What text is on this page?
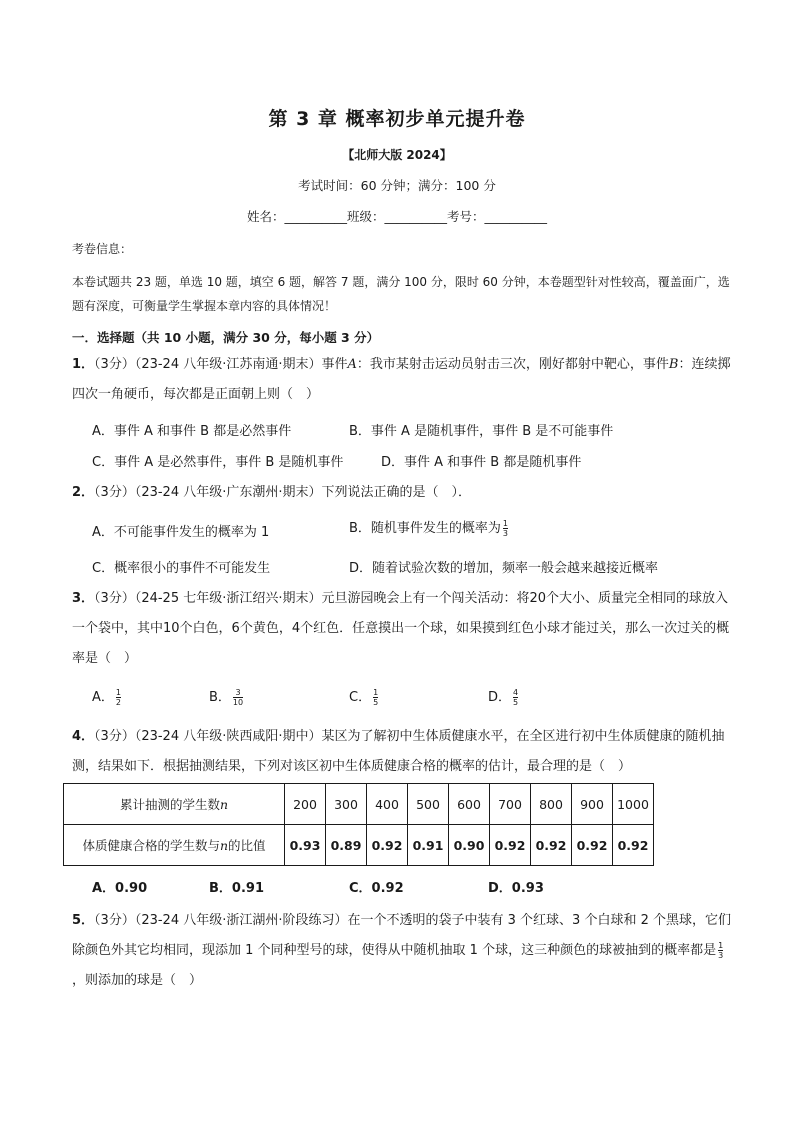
第 3 章 概率初步单元提升卷
【北师大版 2024】
考试时间：60 分钟；满分：100 分
姓名：__________班级：__________考号：__________
考卷信息：
本卷试题共 23 题，单选 10 题，填空 6 题，解答 7 题，满分 100 分，限时 60 分钟，本卷题型针对性较高，覆盖面广，选题有深度，可衡量学生掌握本章内容的具体情况！
一．选择题（共 10 小题，满分 30 分，每小题 3 分）
1．（3分）（23-24 八年级·江苏南通·期末）事件A：我市某射击运动员射击三次，刚好都射中靶心，事件B：连续掷四次一角硬币，每次都是正面朝上则（　）
A．事件 A 和事件 B 都是必然事件	B．事件 A 是随机事件，事件 B 是不可能事件
C．事件 A 是必然事件，事件 B 是随机事件	D．事件 A 和事件 B 都是随机事件
2．（3分）（23-24 八年级·广东潮州·期末）下列说法正确的是（　）．
A．不可能事件发生的概率为 1	B．随机事件发生的概率为 $\frac{1}{3}$
C．概率很小的事件不可能发生	D．随着试验次数的增加，频率一般会越来越接近概率
3．（3分）（24-25 七年级·浙江绍兴·期末）元旦游园晚会上有一个闯关活动：将20个大小、质量完全相同的球放入一个袋中，其中10个白色，6个黄色，4个红色．任意摸出一个球，如果摸到红色小球才能过关，那么一次过关的概率是（　）
A． $\frac{1}{2}$	B． $\frac{3}{10}$	C． $\frac{1}{5}$	D． $\frac{4}{5}$
4．（3分）（23-24 八年级·陕西咸阳·期中）某区为了解初中生体质健康水平，在全区进行初中生体质健康的随机抽测，结果如下．根据抽测结果，下列对该区初中生体质健康合格的概率的估计，最合理的是（　）
累计抽测的学生数n	200	300	400	500	600	700	800	900	1000
体质健康合格的学生数与n的比值	0.93	0.89	0.92	0.91	0.90	0.92	0.92	0.92	0.92
A．0.90	B．0.91	C．0.92	D．0.93
5．（3分）（23-24 八年级·浙江湖州·阶段练习）在一个不透明的袋子中装有 3 个红球、3 个白球和 2 个黑球，它们除颜色外其它均相同，现添加 1 个同种型号的球，使得从中随机抽取 1 个球，这三种颜色的球被抽到的概率都是 $\frac{1}{3}$
，则添加的球是（　）
